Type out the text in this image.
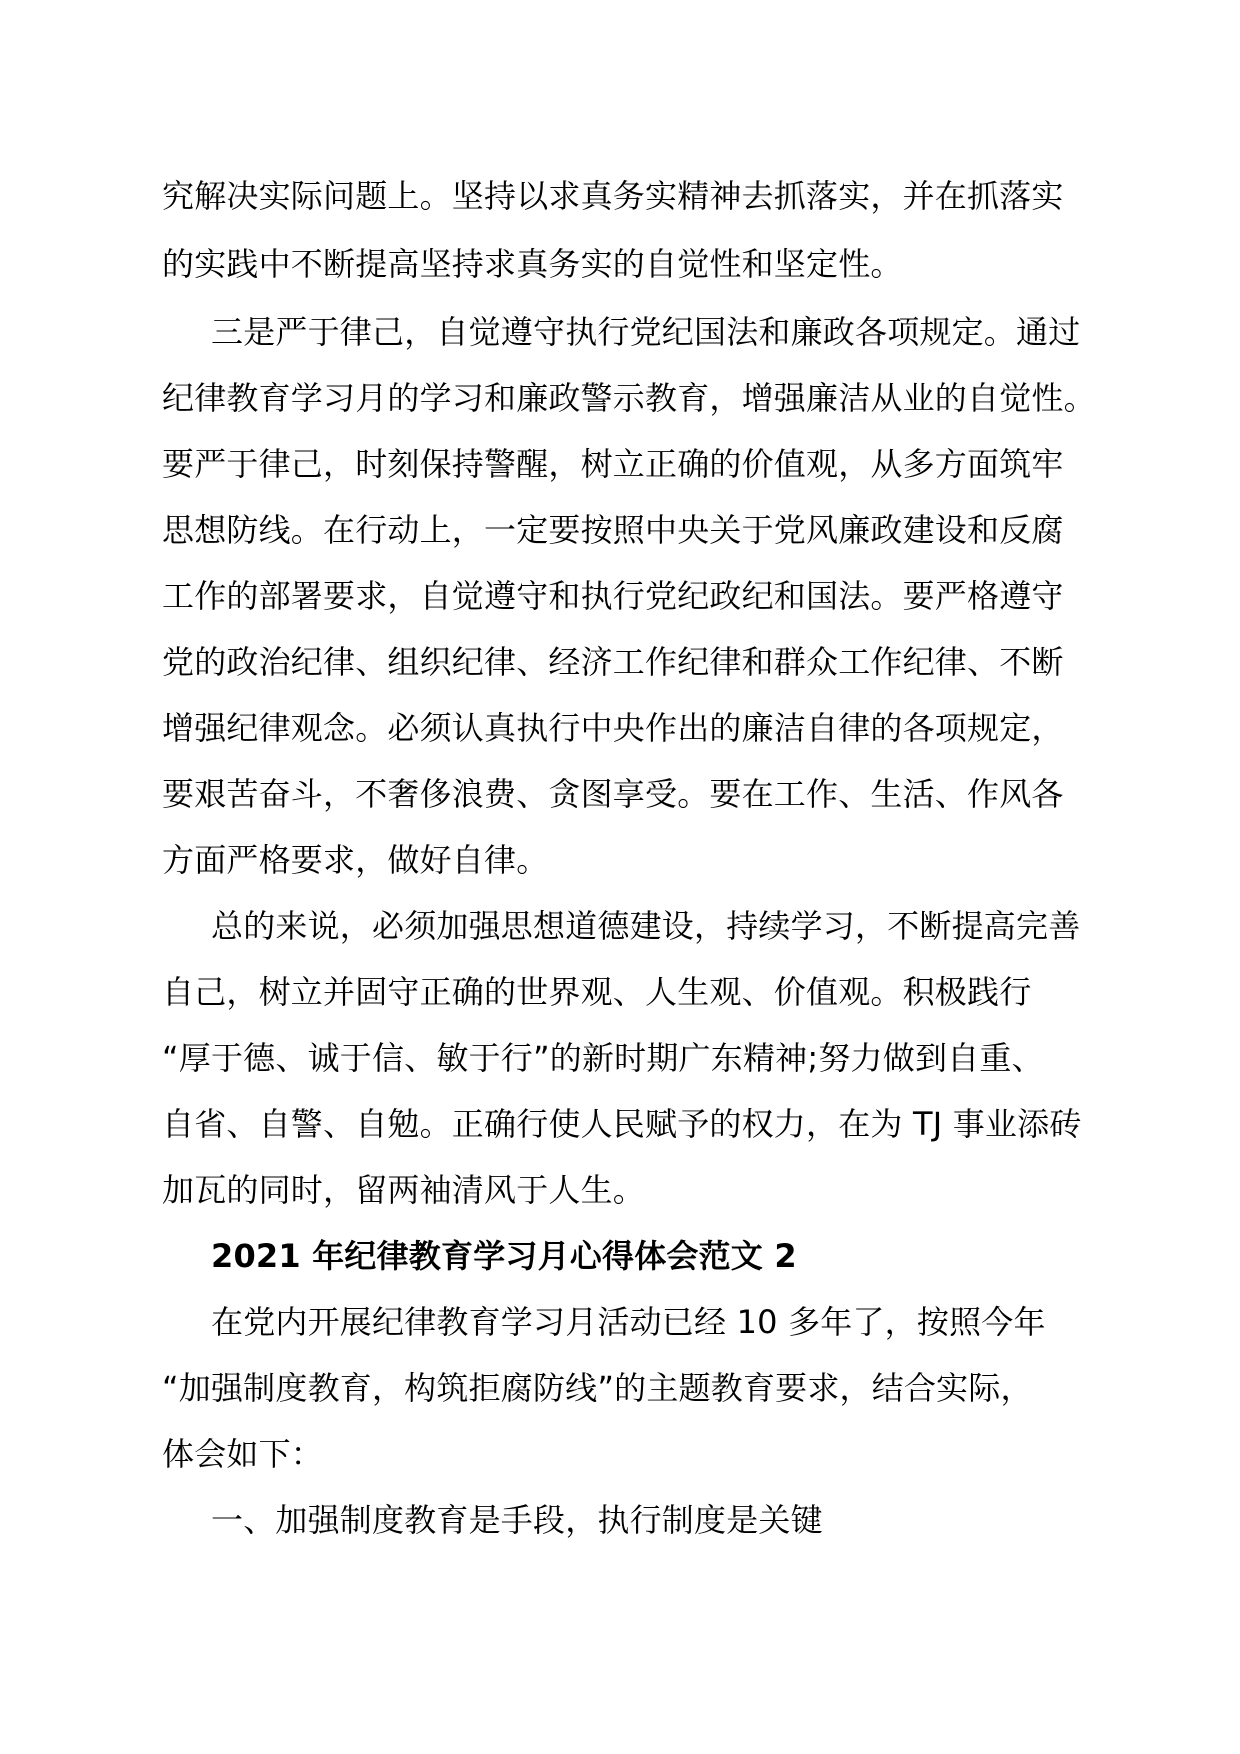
究解决实际问题上。坚持以求真务实精神去抓落实，并在抓落实
的实践中不断提高坚持求真务实的自觉性和坚定性。
三是严于律己，自觉遵守执行党纪国法和廉政各项规定。通过
纪律教育学习月的学习和廉政警示教育，增强廉洁从业的自觉性。
要严于律己，时刻保持警醒，树立正确的价值观，从多方面筑牢
思想防线。在行动上，一定要按照中央关于党风廉政建设和反腐
工作的部署要求，自觉遵守和执行党纪政纪和国法。要严格遵守
党的政治纪律、组织纪律、经济工作纪律和群众工作纪律、不断
增强纪律观念。必须认真执行中央作出的廉洁自律的各项规定，
要艰苦奋斗，不奢侈浪费、贪图享受。要在工作、生活、作风各
方面严格要求，做好自律。
总的来说，必须加强思想道德建设，持续学习，不断提高完善
自己，树立并固守正确的世界观、人生观、价值观。积极践行
“厚于德、诚于信、敏于行”的新时期广东精神;努力做到自重、
自省、自警、自勉。正确行使人民赋予的权力，在为 TJ 事业添砖
加瓦的同时，留两袖清风于人生。
2021 年纪律教育学习月心得体会范文 2
在党内开展纪律教育学习月活动已经 10 多年了，按照今年
“加强制度教育，构筑拒腐防线”的主题教育要求，结合实际，
体会如下：
一、加强制度教育是手段，执行制度是关键
